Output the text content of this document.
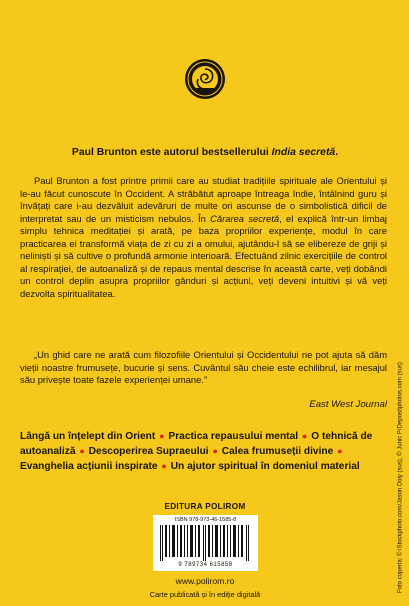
Paul Brunton este autorul bestsellerului India secretă.
Paul Brunton a fost printre primii care au studiat tradițiile spirituale ale Orientului și le-au făcut cunoscute în Occident. A străbătut aproape întreaga Indie, întâlnind guru și învățați care i-au dezvăluit adevăruri de multe ori ascunse de o simbolistică dificil de interpretat sau de un misticism nebulos. În Cărarea secretă, el explică într-un limbaj simplu tehnica meditației și arată, pe baza propriilor experiențe, modul în care practicarea ei transformă viața de zi cu zi a omului, ajutându-l să se elibereze de griji și neliniști și să cultive o profundă armonie interioară. Efectuând zilnic exercițiile de control al respirației, de autoanaliză și de repaus mental descrise în această carte, veți dobândi un control deplin asupra propriilor gânduri și acțiuni, veți deveni intuitivi și vă veți dezvolta spiritualitatea.
„Un ghid care ne arată cum filozofiile Orientului și Occidentului ne pot ajuta să dăm vieții noastre frumusețe, bucurie și sens. Cuvântul său cheie este echilibrul, iar mesajul său privește toate fazele experienței umane.”
East West Journal
Lângă un înțelept din Orient ● Practica repausului mental ● O tehnică de autoanaliză ● Descoperirea Supraeului ● Calea frumuseții divine ● Evanghelia acțiunii inspirate ● Un ajutor spiritual în domeniul material
EDITURA POLIROM
ISBN 978-973-46-1585-8
9 789734 615858
www.polirom.ro
Carte publicată și în ediție digitală
Foto coperta: © iStockphoto.com/Jason Doiy (sus), © Junic P/Depositphotos.com (sus)
